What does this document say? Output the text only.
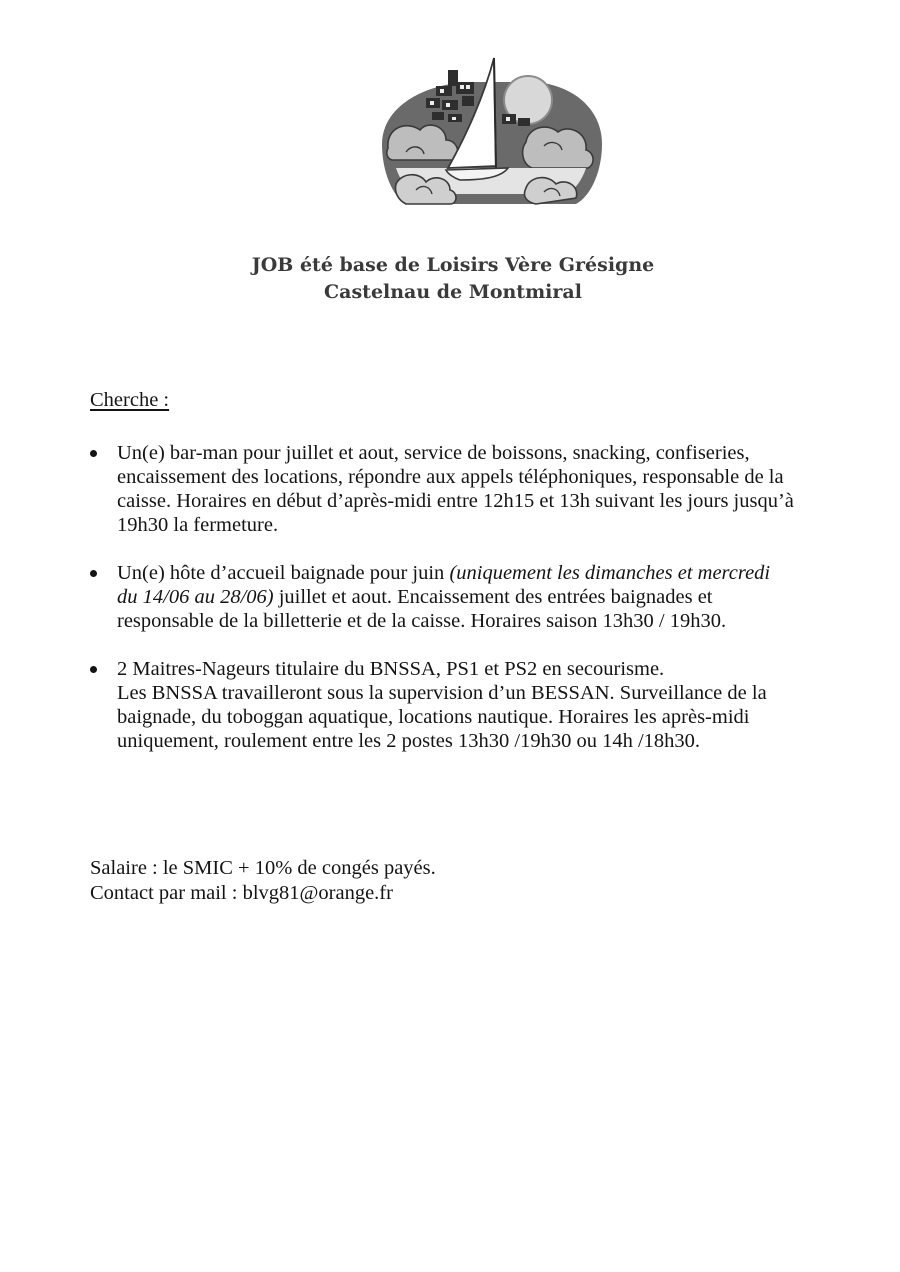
JOB été base de Loisirs Vère Grésigne
Castelnau de Montmiral
Cherche :
Un(e) bar-man pour juillet et aout, service de boissons, snacking, confiseries,
encaissement des locations, répondre aux appels téléphoniques, responsable de la
caisse. Horaires en début d’après-midi entre 12h15 et 13h suivant les jours jusqu’à
19h30 la fermeture.
Un(e) hôte d’accueil baignade pour juin (uniquement les dimanches et mercredi
du 14/06 au 28/06) juillet et aout. Encaissement des entrées baignades et
responsable de la billetterie et de la caisse. Horaires saison 13h30 / 19h30.
2 Maitres-Nageurs titulaire du BNSSA, PS1 et PS2 en secourisme.
Les BNSSA travailleront sous la supervision d’un BESSAN. Surveillance de la
baignade, du toboggan aquatique, locations nautique. Horaires les après-midi
uniquement, roulement entre les 2 postes 13h30 /19h30 ou 14h /18h30.
Salaire : le SMIC + 10% de congés payés.
Contact par mail : blvg81@orange.fr
